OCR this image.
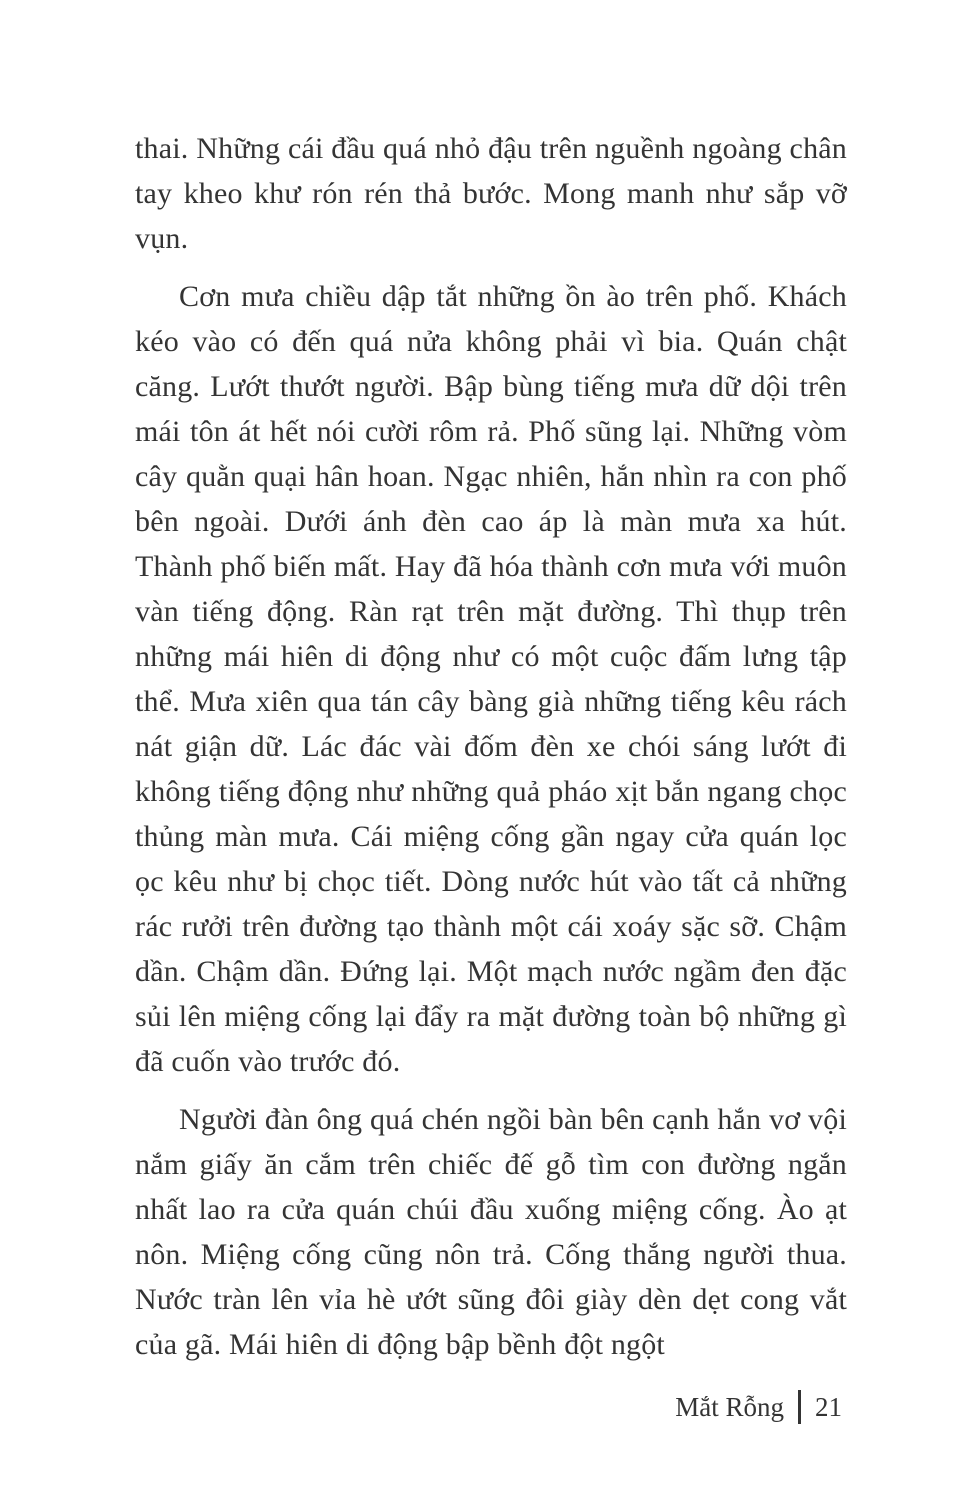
thai. Những cái đầu quá nhỏ đậu trên nguềnh ngoàng chân tay kheo khư rón rén thả bước. Mong manh như sắp vỡ vụn.

Cơn mưa chiều dập tắt những ồn ào trên phố. Khách kéo vào có đến quá nửa không phải vì bia. Quán chật căng. Lướt thướt người. Bập bùng tiếng mưa dữ dội trên mái tôn át hết nói cười rôm rả. Phố sũng lại. Những vòm cây quằn quại hân hoan. Ngạc nhiên, hắn nhìn ra con phố bên ngoài. Dưới ánh đèn cao áp là màn mưa xa hút. Thành phố biến mất. Hay đã hóa thành cơn mưa với muôn vàn tiếng động. Ràn rạt trên mặt đường. Thì thụp trên những mái hiên di động như có một cuộc đấm lưng tập thể. Mưa xiên qua tán cây bàng già những tiếng kêu rách nát giận dữ. Lác đác vài đốm đèn xe chói sáng lướt đi không tiếng động như những quả pháo xịt bắn ngang chọc thủng màn mưa. Cái miệng cống gần ngay cửa quán lọc ọc kêu như bị chọc tiết. Dòng nước hút vào tất cả những rác rưởi trên đường tạo thành một cái xoáy sặc sỡ. Chậm dần. Chậm dần. Đứng lại. Một mạch nước ngầm đen đặc sủi lên miệng cống lại đẩy ra mặt đường toàn bộ những gì đã cuốn vào trước đó.

Người đàn ông quá chén ngồi bàn bên cạnh hắn vơ vội nắm giấy ăn cắm trên chiếc đế gỗ tìm con đường ngắn nhất lao ra cửa quán chúi đầu xuống miệng cống. Ào ạt nôn. Miệng cống cũng nôn trả. Cống thắng người thua. Nước tràn lên vỉa hè ướt sũng đôi giày dèn dẹt cong vắt của gã. Mái hiên di động bập bềnh đột ngột

Mắt Rỗng 21
